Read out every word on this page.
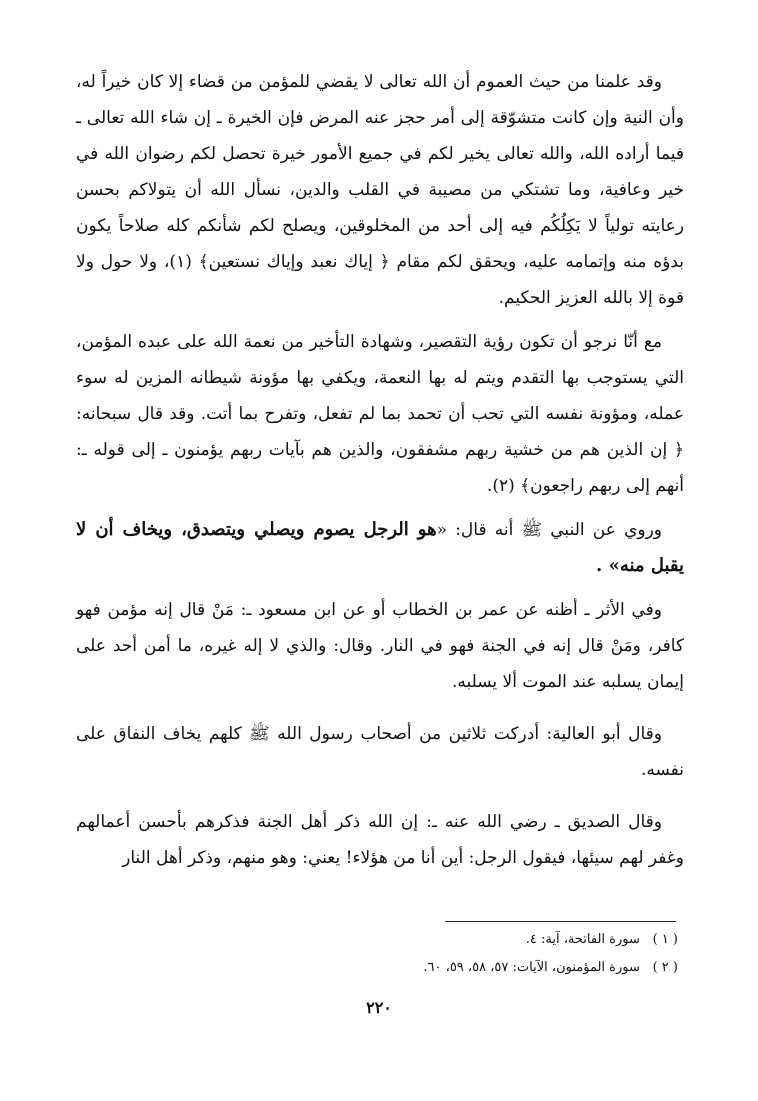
وقد علمنا من حيث العموم أن الله تعالى لا يقضي للمؤمن من قضاء إلا كان خيراً له، وأن النية وإن كانت متشوّقة إلى أمر حجز عنه المرض فإن الخيرة ـ إن شاء الله تعالى ـ فيما أراده الله، والله تعالى يخير لكم في جميع الأمور خيرة تحصل لكم رضوان الله في خير وعافية، وما تشتكي من مصيبة في القلب والدين، نسأل الله أن يتولاكم بحسن رعايته تولياً لا يَكِلُكُم فيه إلى أحد من المخلوقين، ويصلح لكم شأنكم كله صلاحاً يكون بدؤه منه وإتمامه عليه، ويحقق لكم مقام ﴿ إياك نعبد وإياك نستعين﴾ (١)، ولا حول ولا قوة إلا بالله العزيز الحكيم.

مع أنّا نرجو أن تكون رؤية التقصير، وشهادة التأخير من نعمة الله على عبده المؤمن، التي يستوجب بها التقدم ويتم له بها النعمة، ويكفي بها مؤونة شيطانه المزين له سوء عمله، ومؤونة نفسه التي تحب أن تحمد بما لم تفعل، وتفرح بما أتت. وقد قال سبحانه: ﴿ إن الذين هم من خشية ربهم مشفقون، والذين هم بآيات ربهم يؤمنون ـ إلى قوله ـ: أنهم إلى ربهم راجعون﴾ (٢).

وروي عن النبي ﷺ أنه قال: «هو الرجل يصوم ويصلي ويتصدق، ويخاف أن لا يقبل منه» .

وفي الأثر ـ أظنه عن عمر بن الخطاب أو عن ابن مسعود ـ: مَنْ قال إنه مؤمن فهو كافر، ومَنْ قال إنه في الجنة فهو في النار. وقال: والذي لا إله غيره، ما أمن أحد على إيمان يسلبه عند الموت ألا يسلبه.

وقال أبو العالية: أدركت ثلاثين من أصحاب رسول الله ﷺ كلهم يخاف النفاق على نفسه.

وقال الصديق ـ رضي الله عنه ـ: إن الله ذكر أهل الجنة فذكرهم بأحسن أعمالهم وغفر لهم سيئها، فيقول الرجل: أين أنا من هؤلاء! يعني: وهو منهم، وذكر أهل النار

( ١ ) سورة الفاتحة، آية: ٤.

( ٢ ) سورة المؤمنون، الآيات: ٥٧، ٥٨، ٥٩، ٦٠.

٢٢٠
